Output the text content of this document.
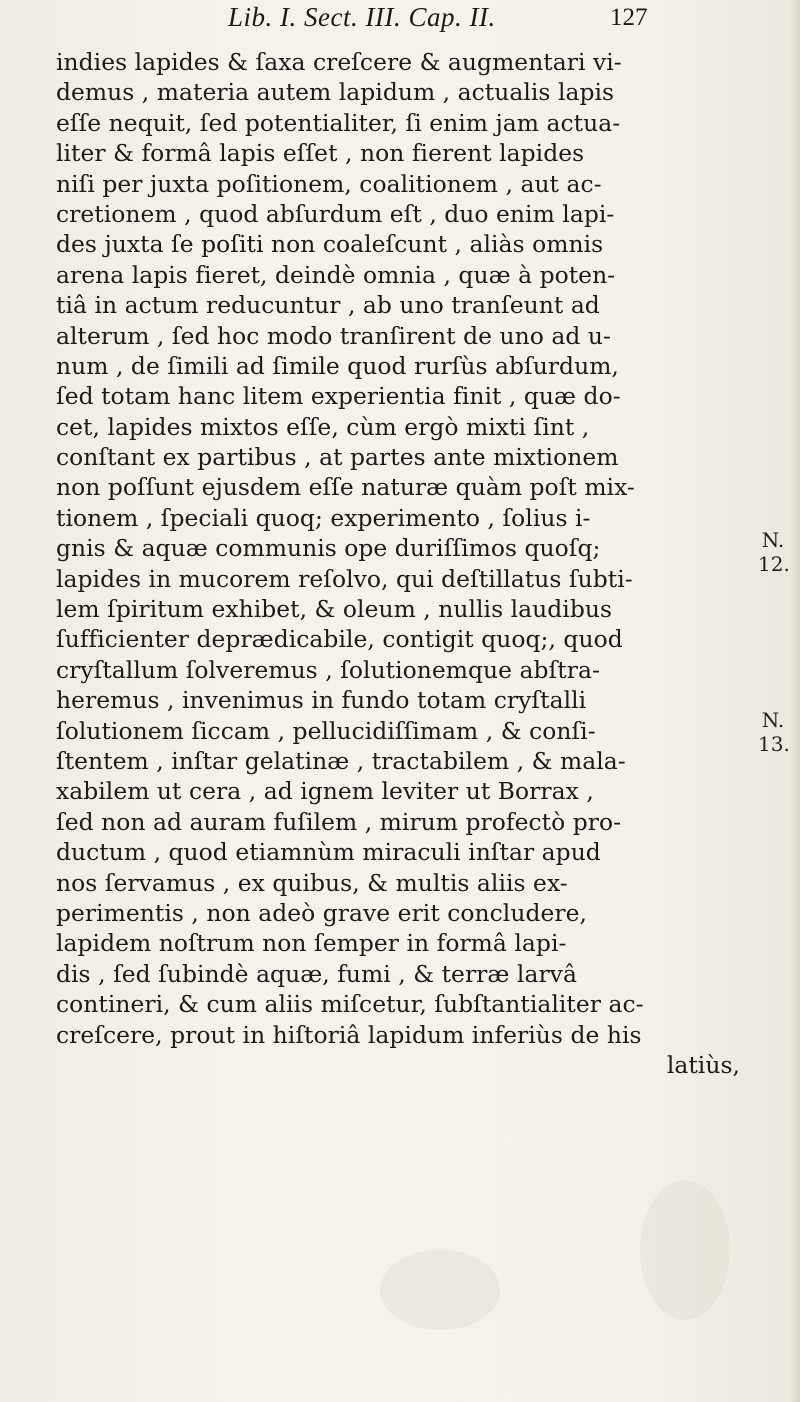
Lib. I. Sect. III. Cap. II.	127
indies lapides & ſaxa creſcere & augmentari vi-
demus , materia autem lapidum , actualis lapis
eſſe nequit, ſed potentialiter, ſi enim jam actua-
liter & formâ lapis eſſet , non fierent lapides
niſi per juxta poſitionem, coalitionem , aut ac-
cretionem , quod abſurdum eſt , duo enim lapi-
des juxta ſe poſiti non coaleſcunt , aliàs omnis
arena lapis fieret, deindè omnia , quæ à poten-
tiâ in actum reducuntur , ab uno tranſeunt ad
alterum , ſed hoc modo tranſirent de uno ad u-
num , de ſimili ad ſimile quod rurſùs abſurdum,
ſed totam hanc litem experientia finit , quæ do-
cet, lapides mixtos eſſe, cùm ergò mixti ſint ,
conſtant ex partibus , at partes ante mixtionem
non poſſunt ejusdem eſſe naturæ quàm poſt mix-
tionem , ſpeciali quoq; experimento , ſolius i-
gnis & aquæ communis ope duriſſimos quoſq;
lapides in mucorem reſolvo, qui deſtillatus ſubti-
lem ſpiritum exhibet, & oleum , nullis laudibus
ſufficienter deprædicabile, contigit quoq;, quod
cryſtallum ſolveremus , ſolutionemque abſtra-
heremus , invenimus in fundo totam cryſtalli
ſolutionem ſiccam , pellucidiſſimam , & conſi-
ſtentem , inſtar gelatinæ , tractabilem , & mala-
xabilem ut cera , ad ignem leviter ut Borrax ,
ſed non ad auram fuſilem , mirum profectò pro-
ductum , quod etiamnùm miraculi inſtar apud
nos ſervamus , ex quibus, & multis aliis ex-
perimentis , non adeò grave erit concludere,
lapidem noſtrum non ſemper in formâ lapi-
dis , ſed ſubindè aquæ, fumi , & terræ larvâ
contineri, & cum aliis miſcetur, ſubſtantialiter ac-
creſcere, prout in hiſtoriâ lapidum inferiùs de his
latiùs,
N.
12.
N.
13.
